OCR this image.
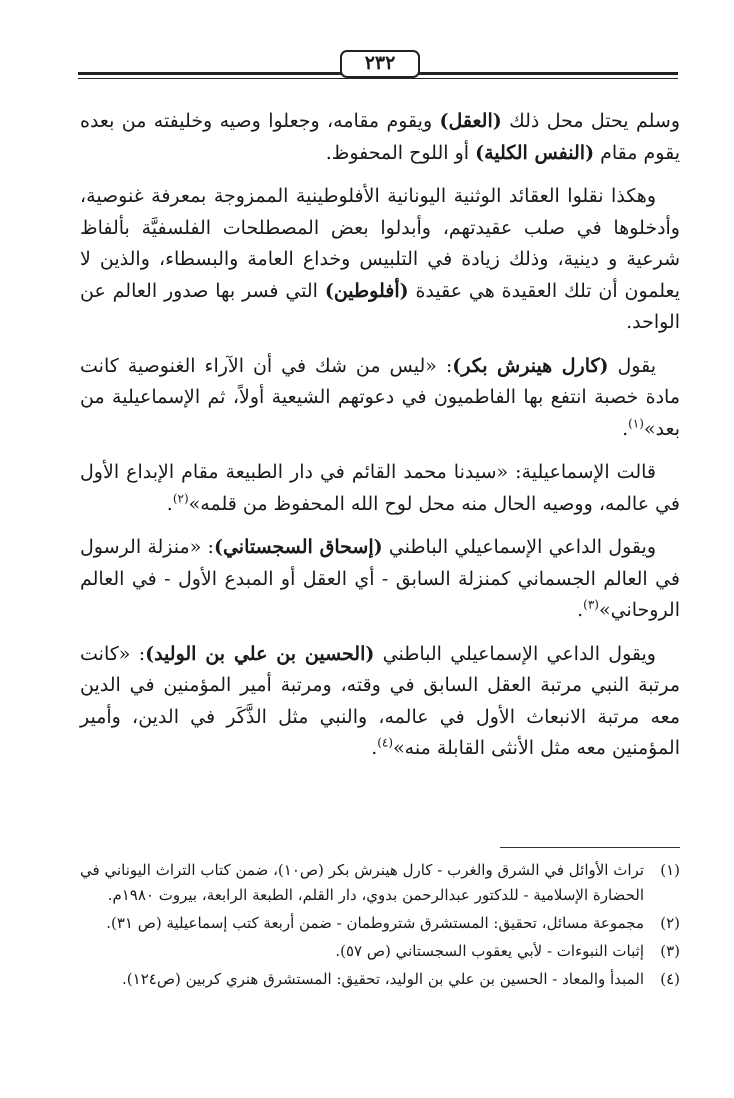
٢٣٢

وسلم يحتل محل ذلك (العقل) ويقوم مقامه، وجعلوا وصيه وخليفته من بعده يقوم مقام (النفس الكلية) أو اللوح المحفوظ.

وهكذا نقلوا العقائد الوثنية اليونانية الأفلوطينية الممزوجة بمعرفة غنوصية، وأدخلوها في صلب عقيدتهم، وأبدلوا بعض المصطلحات الفلسفيَّة بألفاظ شرعية و دينية، وذلك زيادة في التلبيس وخداع العامة والبسطاء، والذين لا يعلمون أن تلك العقيدة هي عقيدة (أفلوطين) التي فسر بها صدور العالم عن الواحد.

يقول (كارل هينرش بكر): «ليس من شك في أن الآراء الغنوصية كانت مادة خصبة انتفع بها الفاطميون في دعوتهم الشيعية أولاً، ثم الإسماعيلية من بعد»$^{(١)}$.

قالت الإسماعيلية: «سيدنا محمد القائم في دار الطبيعة مقام الإبداع الأول في عالمه، ووصيه الحال منه محل لوح الله المحفوظ من قلمه»$^{(٢)}$.

ويقول الداعي الإسماعيلي الباطني (إسحاق السجستاني): «منزلة الرسول في العالم الجسماني كمنزلة السابق - أي العقل أو المبدع الأول - في العالم الروحاني»$^{(٣)}$.

ويقول الداعي الإسماعيلي الباطني (الحسين بن علي بن الوليد): «كانت مرتبة النبي مرتبة العقل السابق في وقته، ومرتبة أمير المؤمنين في الدين معه مرتبة الانبعاث الأول في عالمه، والنبي مثل الذَّكَر في الدين، وأمير المؤمنين معه مثل الأنثى القابلة منه»$^{(٤)}$.

(١)
تراث الأوائل في الشرق والغرب - كارل هينرش بكر (ص١٠)، ضمن كتاب التراث اليوناني في الحضارة الإسلامية - للدكتور عبدالرحمن بدوي، دار القلم، الطبعة الرابعة، بيروت ١٩٨٠م.
(٢)
مجموعة مسائل، تحقيق: المستشرق شتروطمان - ضمن أربعة كتب إسماعيلية (ص ٣١).
(٣)
إثبات النبوءات - لأبي يعقوب السجستاني (ص ٥٧).
(٤)
المبدأ والمعاد - الحسين بن علي بن الوليد، تحقيق: المستشرق هنري كربين (ص١٢٤).
